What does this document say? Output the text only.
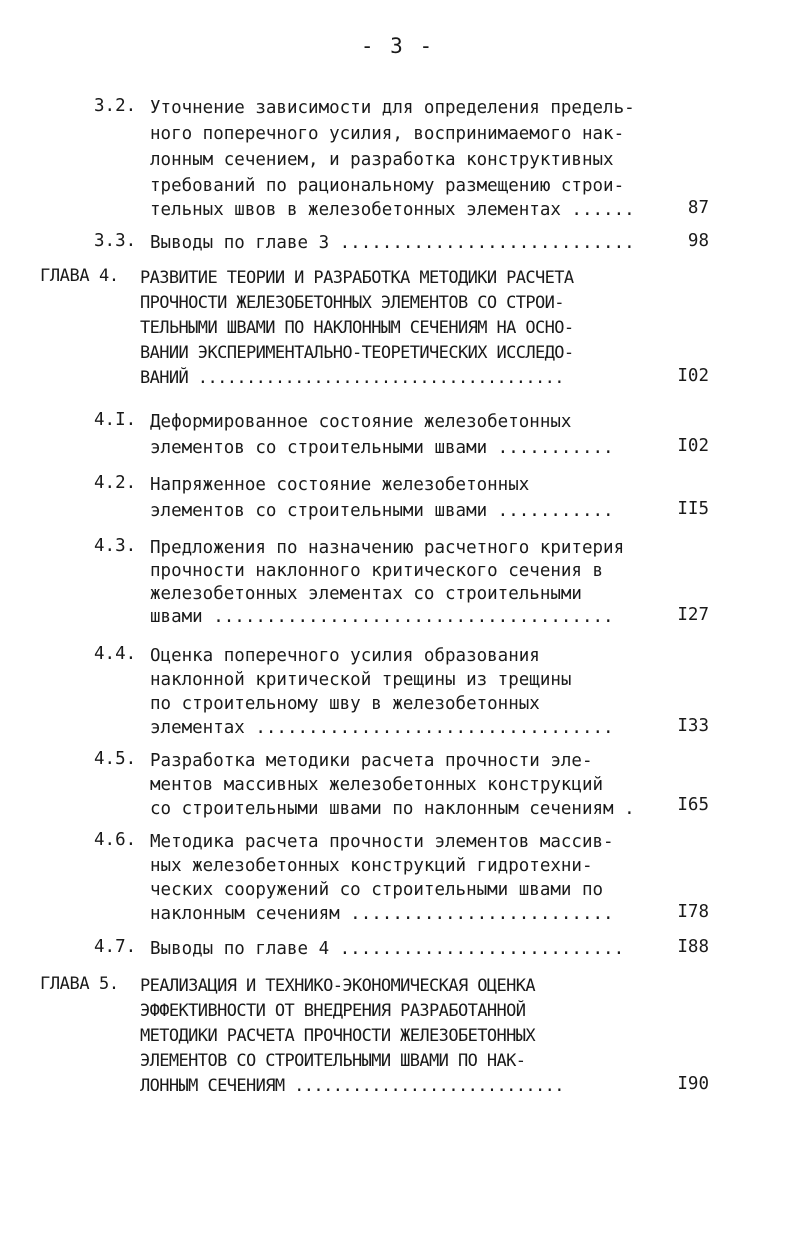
- 3 -
3.2. Уточнение зависимости для определения предель-
ного поперечного усилия, воспринимаемого нак-
лонным сечением, и разработка конструктивных
требований по рациональному размещению строи-
тельных швов в железобетонных элементах ......	87
3.3. Выводы по главе 3 ............................	98
ГЛАВА 4. РАЗВИТИЕ ТЕОРИИ И РАЗРАБОТКА МЕТОДИКИ РАСЧЕТА
ПРОЧНОСТИ ЖЕЛЕЗОБЕТОННЫХ ЭЛЕМЕНТОВ СО СТРОИ-
ТЕЛЬНЫМИ ШВАМИ ПО НАКЛОННЫМ СЕЧЕНИЯМ НА ОСНО-
ВАНИИ ЭКСПЕРИМЕНТАЛЬНО-ТЕОРЕТИЧЕСКИХ ИССЛЕДО-
ВАНИЙ ......................................	I02
4.I. Деформированное состояние железобетонных
элементов со строительными швами ...........	I02
4.2. Напряженное состояние железобетонных
элементов со строительными швами ...........	II5
4.3. Предложения по назначению расчетного критерия
прочности наклонного критического сечения в
железобетонных элементах со строительными
швами ......................................	I27
4.4. Оценка поперечного усилия образования
наклонной критической трещины из трещины
по строительному шву в железобетонных
элементах ..................................	I33
4.5. Разработка методики расчета прочности эле-
ментов массивных железобетонных конструкций
со строительными швами по наклонным сечениям . I65
4.6. Методика расчета прочности элементов массив-
ных железобетонных конструкций гидротехни-
ческих сооружений со строительными швами по
наклонным сечениям .........................	I78
4.7. Выводы по главе 4 ...........................	I88
ГЛАВА 5. РЕАЛИЗАЦИЯ И ТЕХНИКО-ЭКОНОМИЧЕСКАЯ ОЦЕНКА
ЭФФЕКТИВНОСТИ ОТ ВНЕДРЕНИЯ РАЗРАБОТАННОЙ
МЕТОДИКИ РАСЧЕТА ПРОЧНОСТИ ЖЕЛЕЗОБЕТОННЫХ
ЭЛЕМЕНТОВ СО СТРОИТЕЛЬНЫМИ ШВАМИ ПО НАК-
ЛОННЫМ СЕЧЕНИЯМ ............................	I90
